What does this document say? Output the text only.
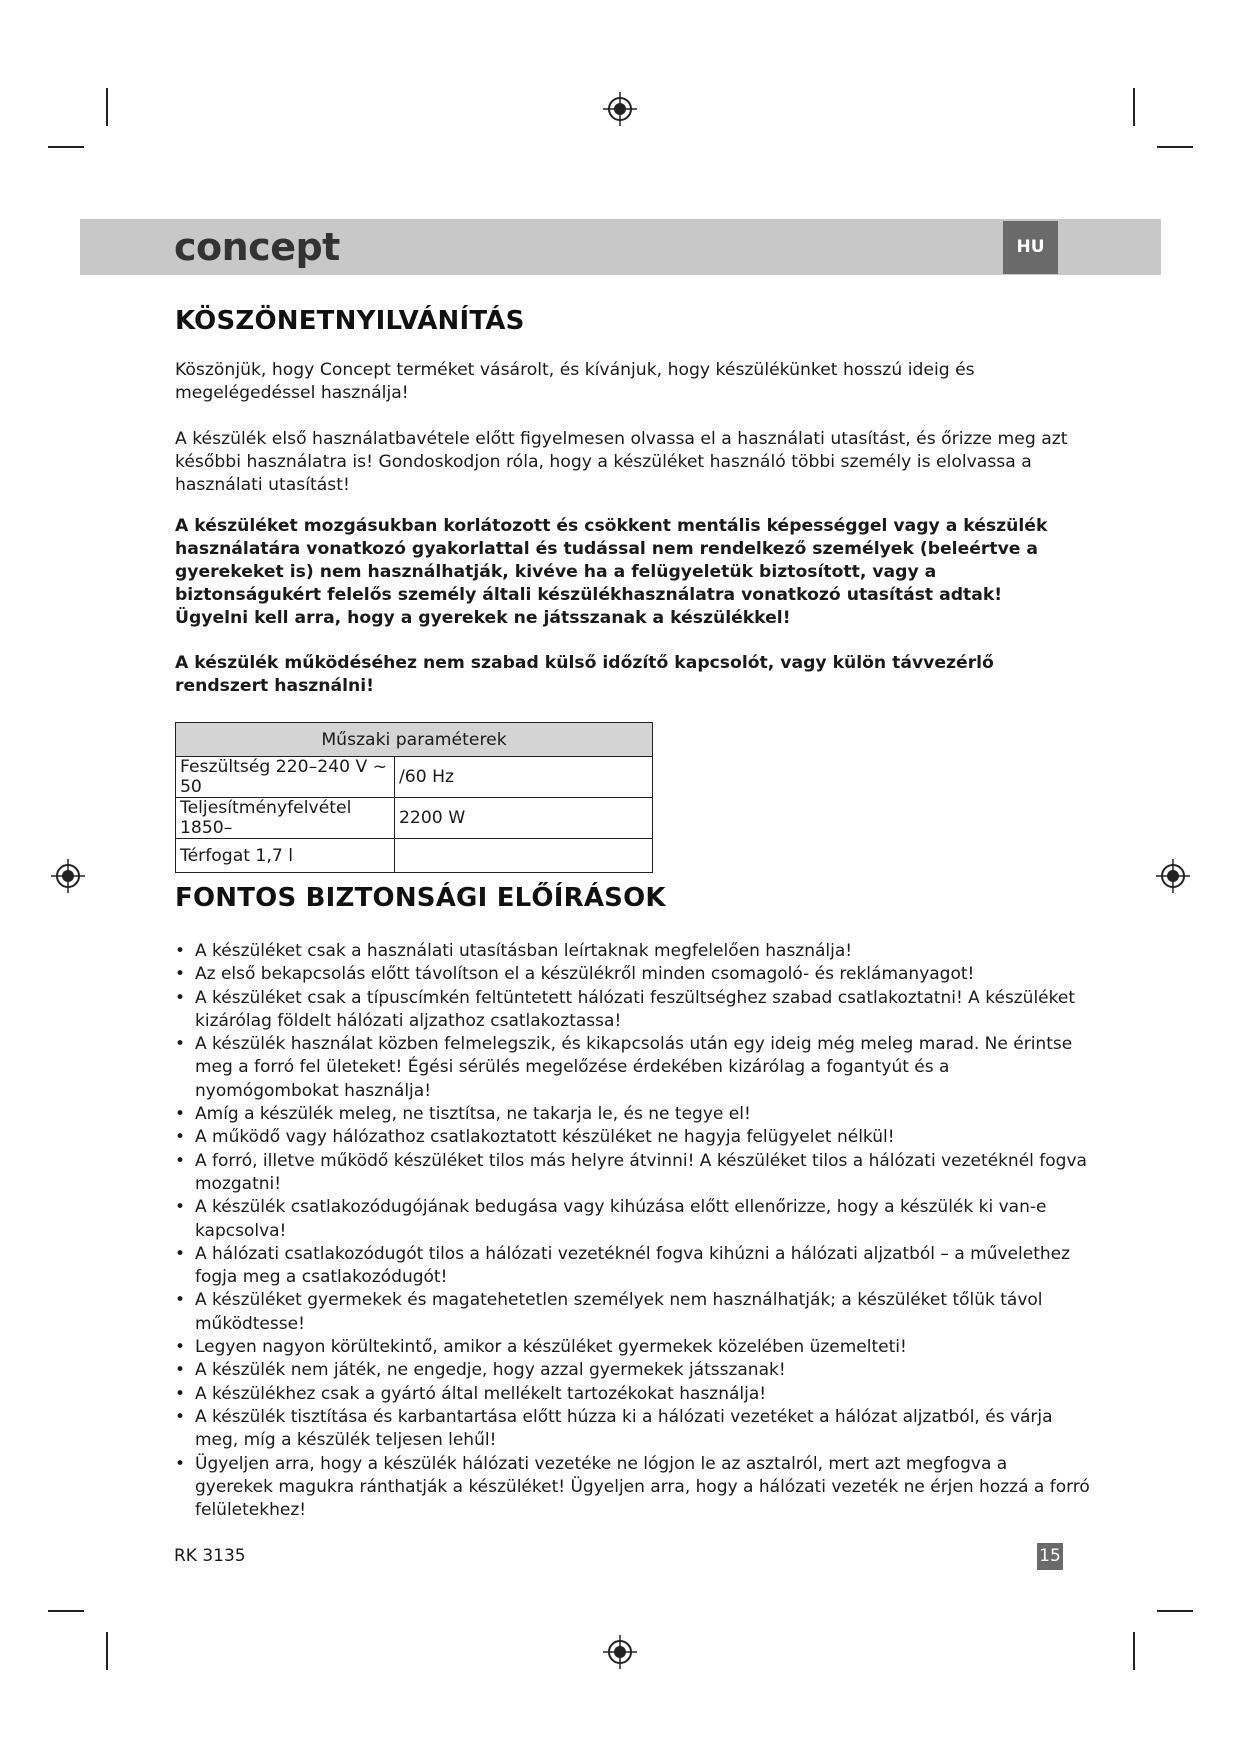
concept	HU
KÖSZÖNETNYILVÁNÍTÁS

Köszönjük, hogy Concept terméket vásárolt, és kívánjuk, hogy készülékünket hosszú ideig és megelégedéssel használja!

A készülék első használatbavétele előtt figyelmesen olvassa el a használati utasítást, és őrizze meg azt későbbi használatra is! Gondoskodjon róla, hogy a készüléket használó többi személy is elolvassa a használati utasítást!

A készüléket mozgásukban korlátozott és csökkent mentális képességgel vagy a készülék használatára vonatkozó gyakorlattal és tudással nem rendelkező személyek (beleértve a gyerekeket is) nem használhatják, kivéve ha a felügyeletük biztosított, vagy a biztonságukért felelős személy általi készülékhasználatra vonatkozó utasítást adtak! Ügyelni kell arra, hogy a gyerekek ne játsszanak a készülékkel!

A készülék működéséhez nem szabad külső időzítő kapcsolót, vagy külön távvezérlő rendszert használni!

Műszaki paraméterek	
Feszültség 220–240 V ~ 50	/60 Hz
Teljesítményfelvétel 1850–	2200 W
Térfogat 1,7 l	
FONTOS BIZTONSÁGI ELŐÍRÁSOK
• A készüléket csak a használati utasításban leírtaknak megfelelően használja!
• Az első bekapcsolás előtt távolítson el a készülékről minden csomagoló- és reklámanyagot!
• A készüléket csak a típuscímkén feltüntetett hálózati feszültséghez szabad csatlakoztatni! A készüléket kizárólag földelt hálózati aljzathoz csatlakoztassa!
• A készülék használat közben felmelegszik, és kikapcsolás után egy ideig még meleg marad. Ne érintse meg a forró fel ületeket! Égési sérülés megelőzése érdekében kizárólag a fogantyút és a nyomógombokat használja!
• Amíg a készülék meleg, ne tisztítsa, ne takarja le, és ne tegye el!
• A működő vagy hálózathoz csatlakoztatott készüléket ne hagyja felügyelet nélkül!
• A forró, illetve működő készüléket tilos más helyre átvinni! A készüléket tilos a hálózati vezetéknél fogva mozgatni!
• A készülék csatlakozódugójának bedugása vagy kihúzása előtt ellenőrizze, hogy a készülék ki van-e kapcsolva!
• A hálózati csatlakozódugót tilos a hálózati vezetéknél fogva kihúzni a hálózati aljzatból – a művelethez fogja meg a csatlakozódugót!
• A készüléket gyermekek és magatehetetlen személyek nem használhatják; a készüléket tőlük távol működtesse!
• Legyen nagyon körültekintő, amikor a készüléket gyermekek közelében üzemelteti!
• A készülék nem játék, ne engedje, hogy azzal gyermekek játsszanak!
• A készülékhez csak a gyártó által mellékelt tartozékokat használja!
• A készülék tisztítása és karbantartása előtt húzza ki a hálózati vezetéket a hálózat aljzatból, és várja meg, míg a készülék teljesen lehűl!
• Ügyeljen arra, hogy a készülék hálózati vezetéke ne lógjon le az asztalról, mert azt megfogva a gyerekek magukra ránthatják a készüléket! Ügyeljen arra, hogy a hálózati vezeték ne érjen hozzá a forró felületekhez!
RK 3135	15
